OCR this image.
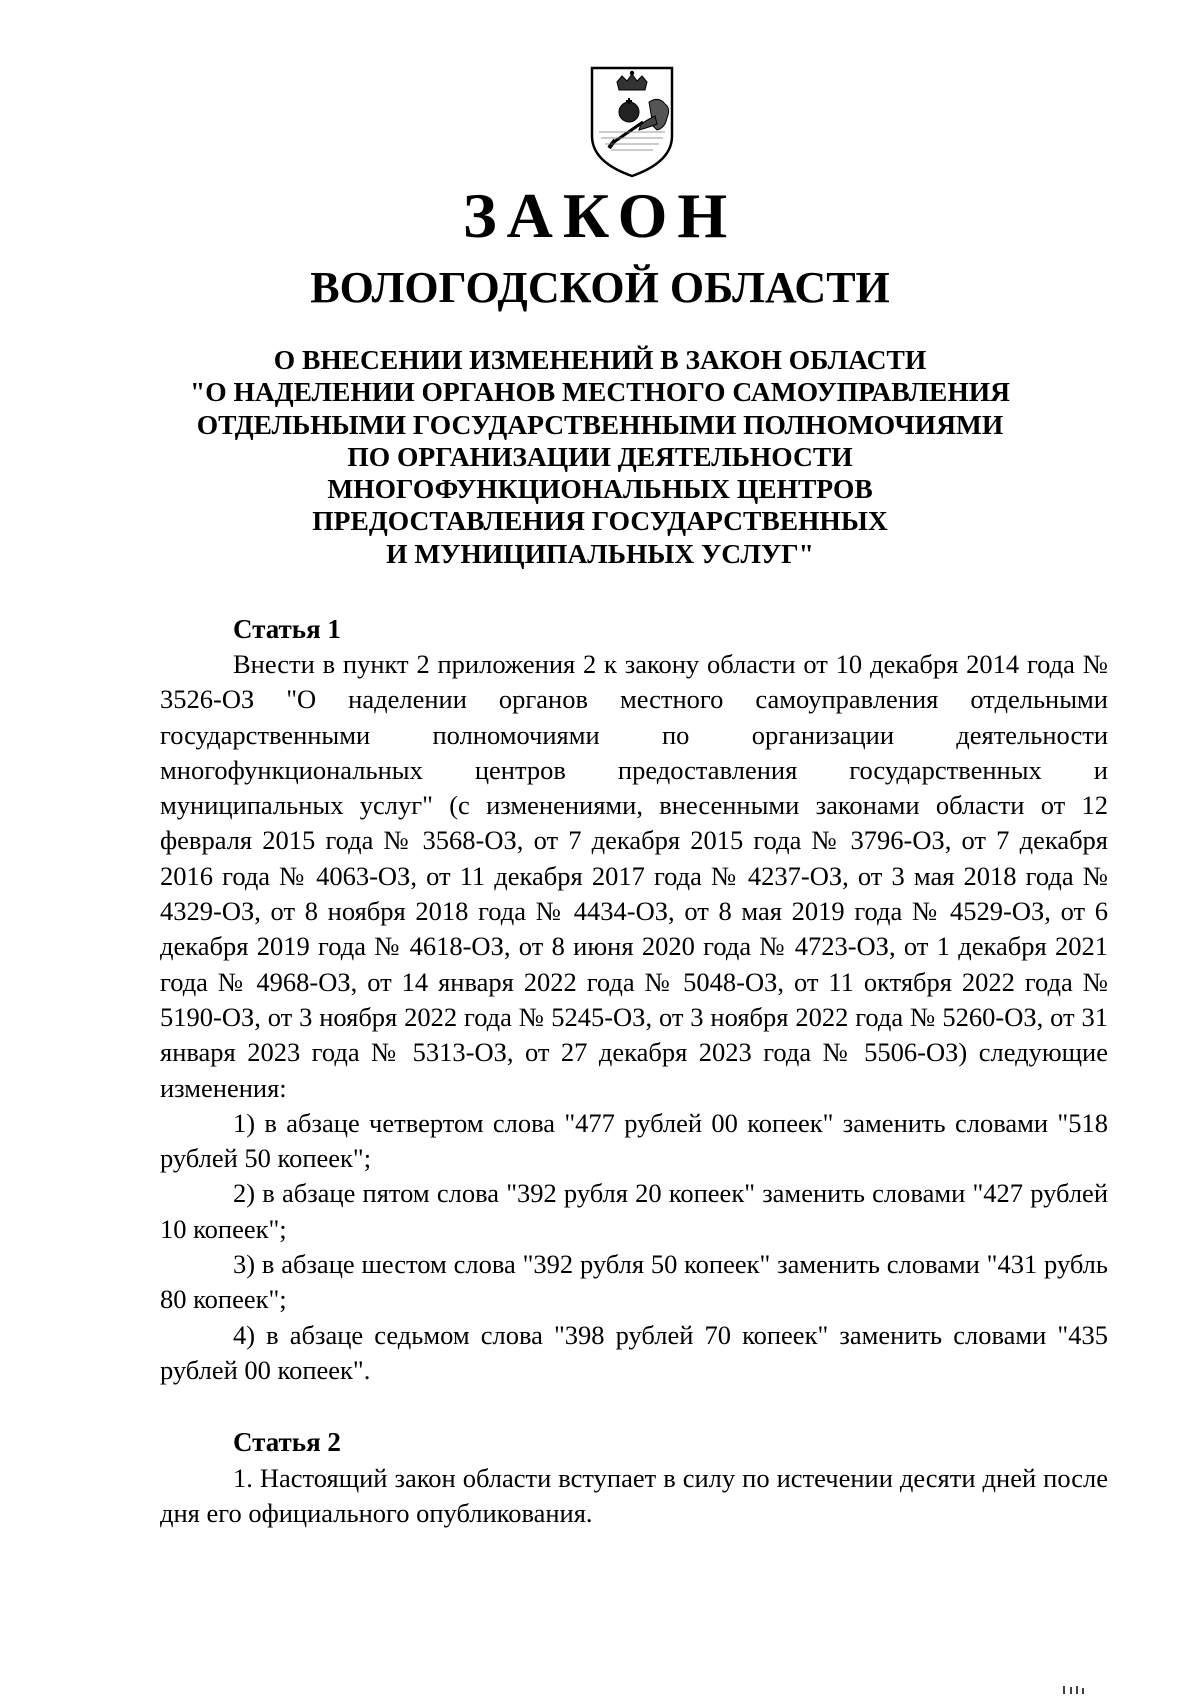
ЗАКОН
ВОЛОГОДСКОЙ ОБЛАСТИ
О ВНЕСЕНИИ ИЗМЕНЕНИЙ В ЗАКОН ОБЛАСТИ
"О НАДЕЛЕНИИ ОРГАНОВ МЕСТНОГО САМОУПРАВЛЕНИЯ
ОТДЕЛЬНЫМИ ГОСУДАРСТВЕННЫМИ ПОЛНОМОЧИЯМИ
ПО ОРГАНИЗАЦИИ ДЕЯТЕЛЬНОСТИ
МНОГОФУНКЦИОНАЛЬНЫХ ЦЕНТРОВ
ПРЕДОСТАВЛЕНИЯ ГОСУДАРСТВЕННЫХ
И МУНИЦИПАЛЬНЫХ УСЛУГ"
Статья 1

Внести в пункт 2 приложения 2 к закону области от 10 декабря 2014 года № 3526-ОЗ "О наделении органов местного самоуправления отдельными государственными полномочиями по организации деятельности многофункциональных центров предоставления государственных и муниципальных услуг" (с изменениями, внесенными законами области от 12 февраля 2015 года № 3568-ОЗ, от 7 декабря 2015 года № 3796-ОЗ, от 7 декабря 2016 года № 4063-ОЗ, от 11 декабря 2017 года № 4237-ОЗ, от 3 мая 2018 года № 4329-ОЗ, от 8 ноября 2018 года № 4434-ОЗ, от 8 мая 2019 года № 4529-ОЗ, от 6 декабря 2019 года № 4618-ОЗ, от 8 июня 2020 года № 4723-ОЗ, от 1 декабря 2021 года № 4968-ОЗ, от 14 января 2022 года № 5048-ОЗ, от 11 октября 2022 года № 5190-ОЗ, от 3 ноября 2022 года № 5245-ОЗ, от 3 ноября 2022 года № 5260-ОЗ, от 31 января 2023 года № 5313-ОЗ, от 27 декабря 2023 года № 5506-ОЗ) следующие изменения:

1) в абзаце четвертом слова "477 рублей 00 копеек" заменить словами "518 рублей 50 копеек";

2) в абзаце пятом слова "392 рубля 20 копеек" заменить словами "427 рублей 10 копеек";

3) в абзаце шестом слова "392 рубля 50 копеек" заменить словами "431 рубль 80 копеек";

4) в абзаце седьмом слова "398 рублей 70 копеек" заменить словами "435 рублей 00 копеек".

Статья 2

1. Настоящий закон области вступает в силу по истечении десяти дней после дня его официального опубликования.
